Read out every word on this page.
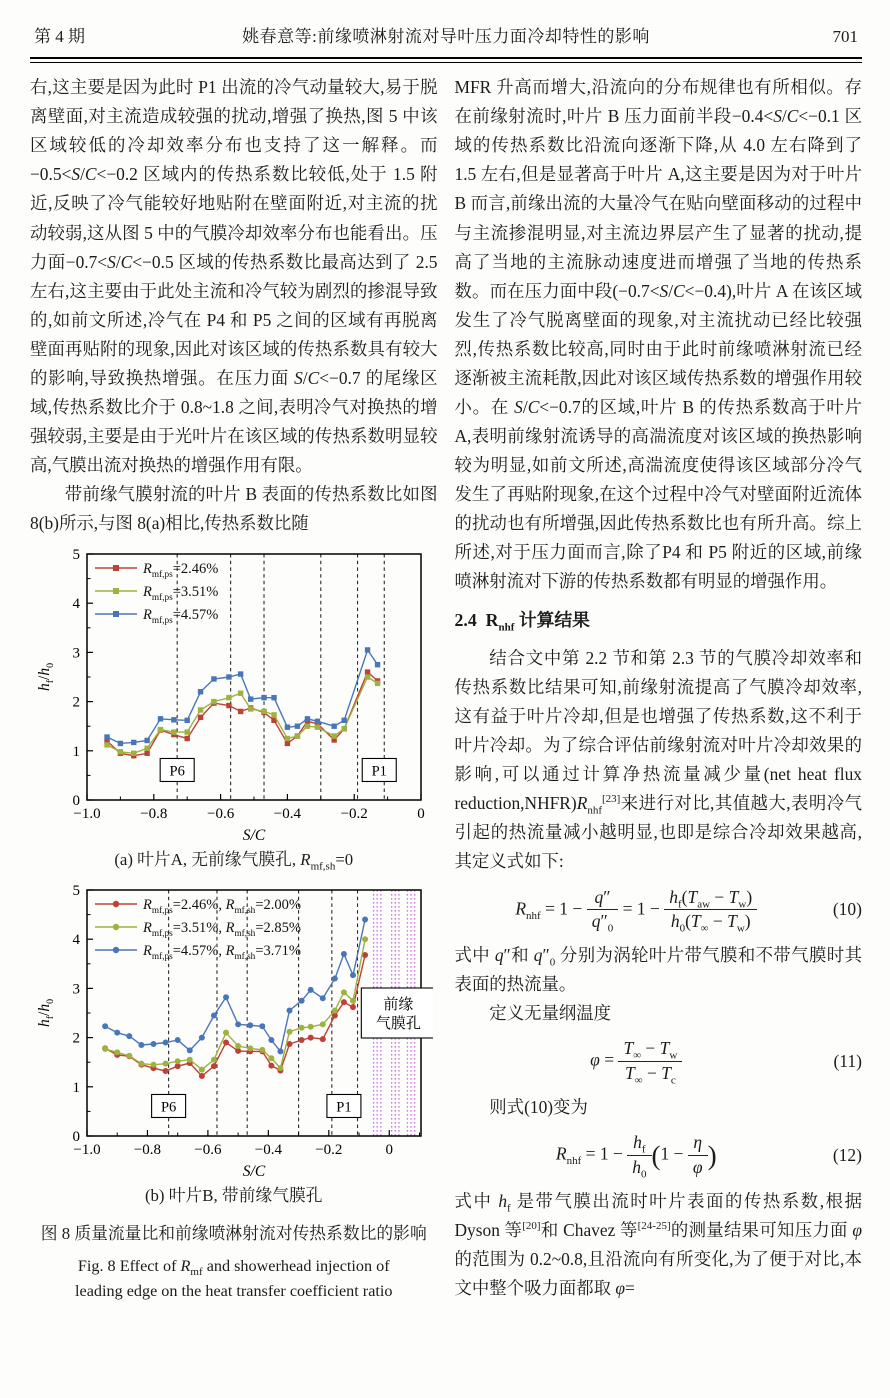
第 4 期	姚春意等:前缘喷淋射流对导叶压力面冷却特性的影响	701

右,这主要是因为此时 P1 出流的冷气动量较大,易于脱离壁面,对主流造成较强的扰动,增强了换热,图 5 中该区域较低的冷却效率分布也支持了这一解释。而−0.5<S/C<−0.2 区域内的传热系数比较低,处于 1.5 附近,反映了冷气能较好地贴附在壁面附近,对主流的扰动较弱,这从图 5 中的气膜冷却效率分布也能看出。压力面−0.7<S/C<−0.5 区域的传热系数比最高达到了 2.5 左右,这主要由于此处主流和冷气较为剧烈的掺混导致的,如前文所述,冷气在 P4 和 P5 之间的区域有再脱离壁面再贴附的现象,因此对该区域的传热系数具有较大的影响,导致换热增强。在压力面 S/C<−0.7 的尾缘区域,传热系数比介于 0.8~1.8 之间,表明冷气对换热的增强较弱,主要是由于光叶片在该区域的传热系数明显较高,气膜出流对换热的增强作用有限。

带前缘气膜射流的叶片 B 表面的传热系数比如图 8(b)所示,与图 8(a)相比,传热系数比随

−1.0	−0.8	−0.6	−0.4	−0.2	0
0
1
2
3
4
5
$R_{mf,ps}=2.46\%$
$R_{mf,ps}=3.51\%$
$R_{mf,ps}=4.57\%$
P6	P1
S/C
$h_f/h_0$
(a) 叶片A, 无前缘气膜孔, $R_{mf,sh}=0$
−1.0 −0.8 −0.6 −0.4 −0.2	0
0
1
2
3
4
5
$R_{mf,ps}=2.46\%$, $R_{mf,sh}=2.00\%$
$R_{mf,ps}=3.51\%$, $R_{mf,sh}=2.85\%$
$R_{mf,ps}=4.57\%$, $R_{mf,sh}=3.71\%$
P6	P1
前缘
气膜孔
S/C
$h_f/h_0$
(b) 叶片B, 带前缘气膜孔
图 8 质量流量比和前缘喷淋射流对传热系数比的影响
Fig. 8 Effect of $R_{mf}$ and showerhead injection of
leading edge on the heat transfer coefficient ratio

MFR 升高而增大,沿流向的分布规律也有所相似。存在前缘射流时,叶片 B 压力面前半段−0.4<S/C<−0.1 区域的传热系数比沿流向逐渐下降,从 4.0 左右降到了 1.5 左右,但是显著高于叶片 A,这主要是因为对于叶片 B 而言,前缘出流的大量冷气在贴向壁面移动的过程中与主流掺混明显,对主流边界层产生了显著的扰动,提高了当地的主流脉动速度进而增强了当地的传热系数。而在压力面中段(−0.7<S/C<−0.4),叶片 A 在该区域发生了冷气脱离壁面的现象,对主流扰动已经比较强烈,传热系数比较高,同时由于此时前缘喷淋射流已经逐渐被主流耗散,因此对该区域传热系数的增强作用较小。在 S/C<−0.7的区域,叶片 B 的传热系数高于叶片 A,表明前缘射流诱导的高湍流度对该区域的换热影响较为明显,如前文所述,高湍流度使得该区域部分冷气发生了再贴附现象,在这个过程中冷气对壁面附近流体的扰动也有所增强,因此传热系数比也有所升高。综上所述,对于压力面而言,除了P4 和 P5 附近的区域,前缘喷淋射流对下游的传热系数都有明显的增强作用。

2.4  $R_{nhf}$ 计算结果

结合文中第 2.2 节和第 2.3 节的气膜冷却效率和传热系数比结果可知,前缘射流提高了气膜冷却效率,这有益于叶片冷却,但是也增强了传热系数,这不利于叶片冷却。为了综合评估前缘射流对叶片冷却效果的影响,可以通过计算净热流量减少量(net heat flux $reduction,NHFR)R_{nhf}[23]$来进行对比,其值越大,表明冷气引起的热流量减小越明显,也即是综合冷却效果越高,其定义式如下:

$R_{nhf} = 1 - \frac{q''}{q''_0} = 1 - \frac{h_f(T_{aw} - T_w)}{h_0(T_\infty - T_w)}$	(10)

式中 q″和 $q''_0$ 分别为涡轮叶片带气膜和不带气膜时其表面的热流量。

定义无量纲温度

$\varphi = \frac{T_\infty - T_w}{T_\infty - T_c}$	(11)

则式(10)变为

$R_{nhf} = 1 - \frac{h_f}{h_0} (1 - \frac{\eta}{\varphi}$ )	(12)

式中 $h_f$ 是带气膜出流时叶片表面的传热系数,根据 Dyson 等[20]和 Chavez 等[24-25]的测量结果可知压力面 φ 的范围为 0.2~0.8,且沿流向有所变化,为了便于对比,本文中整个吸力面都取 φ=
